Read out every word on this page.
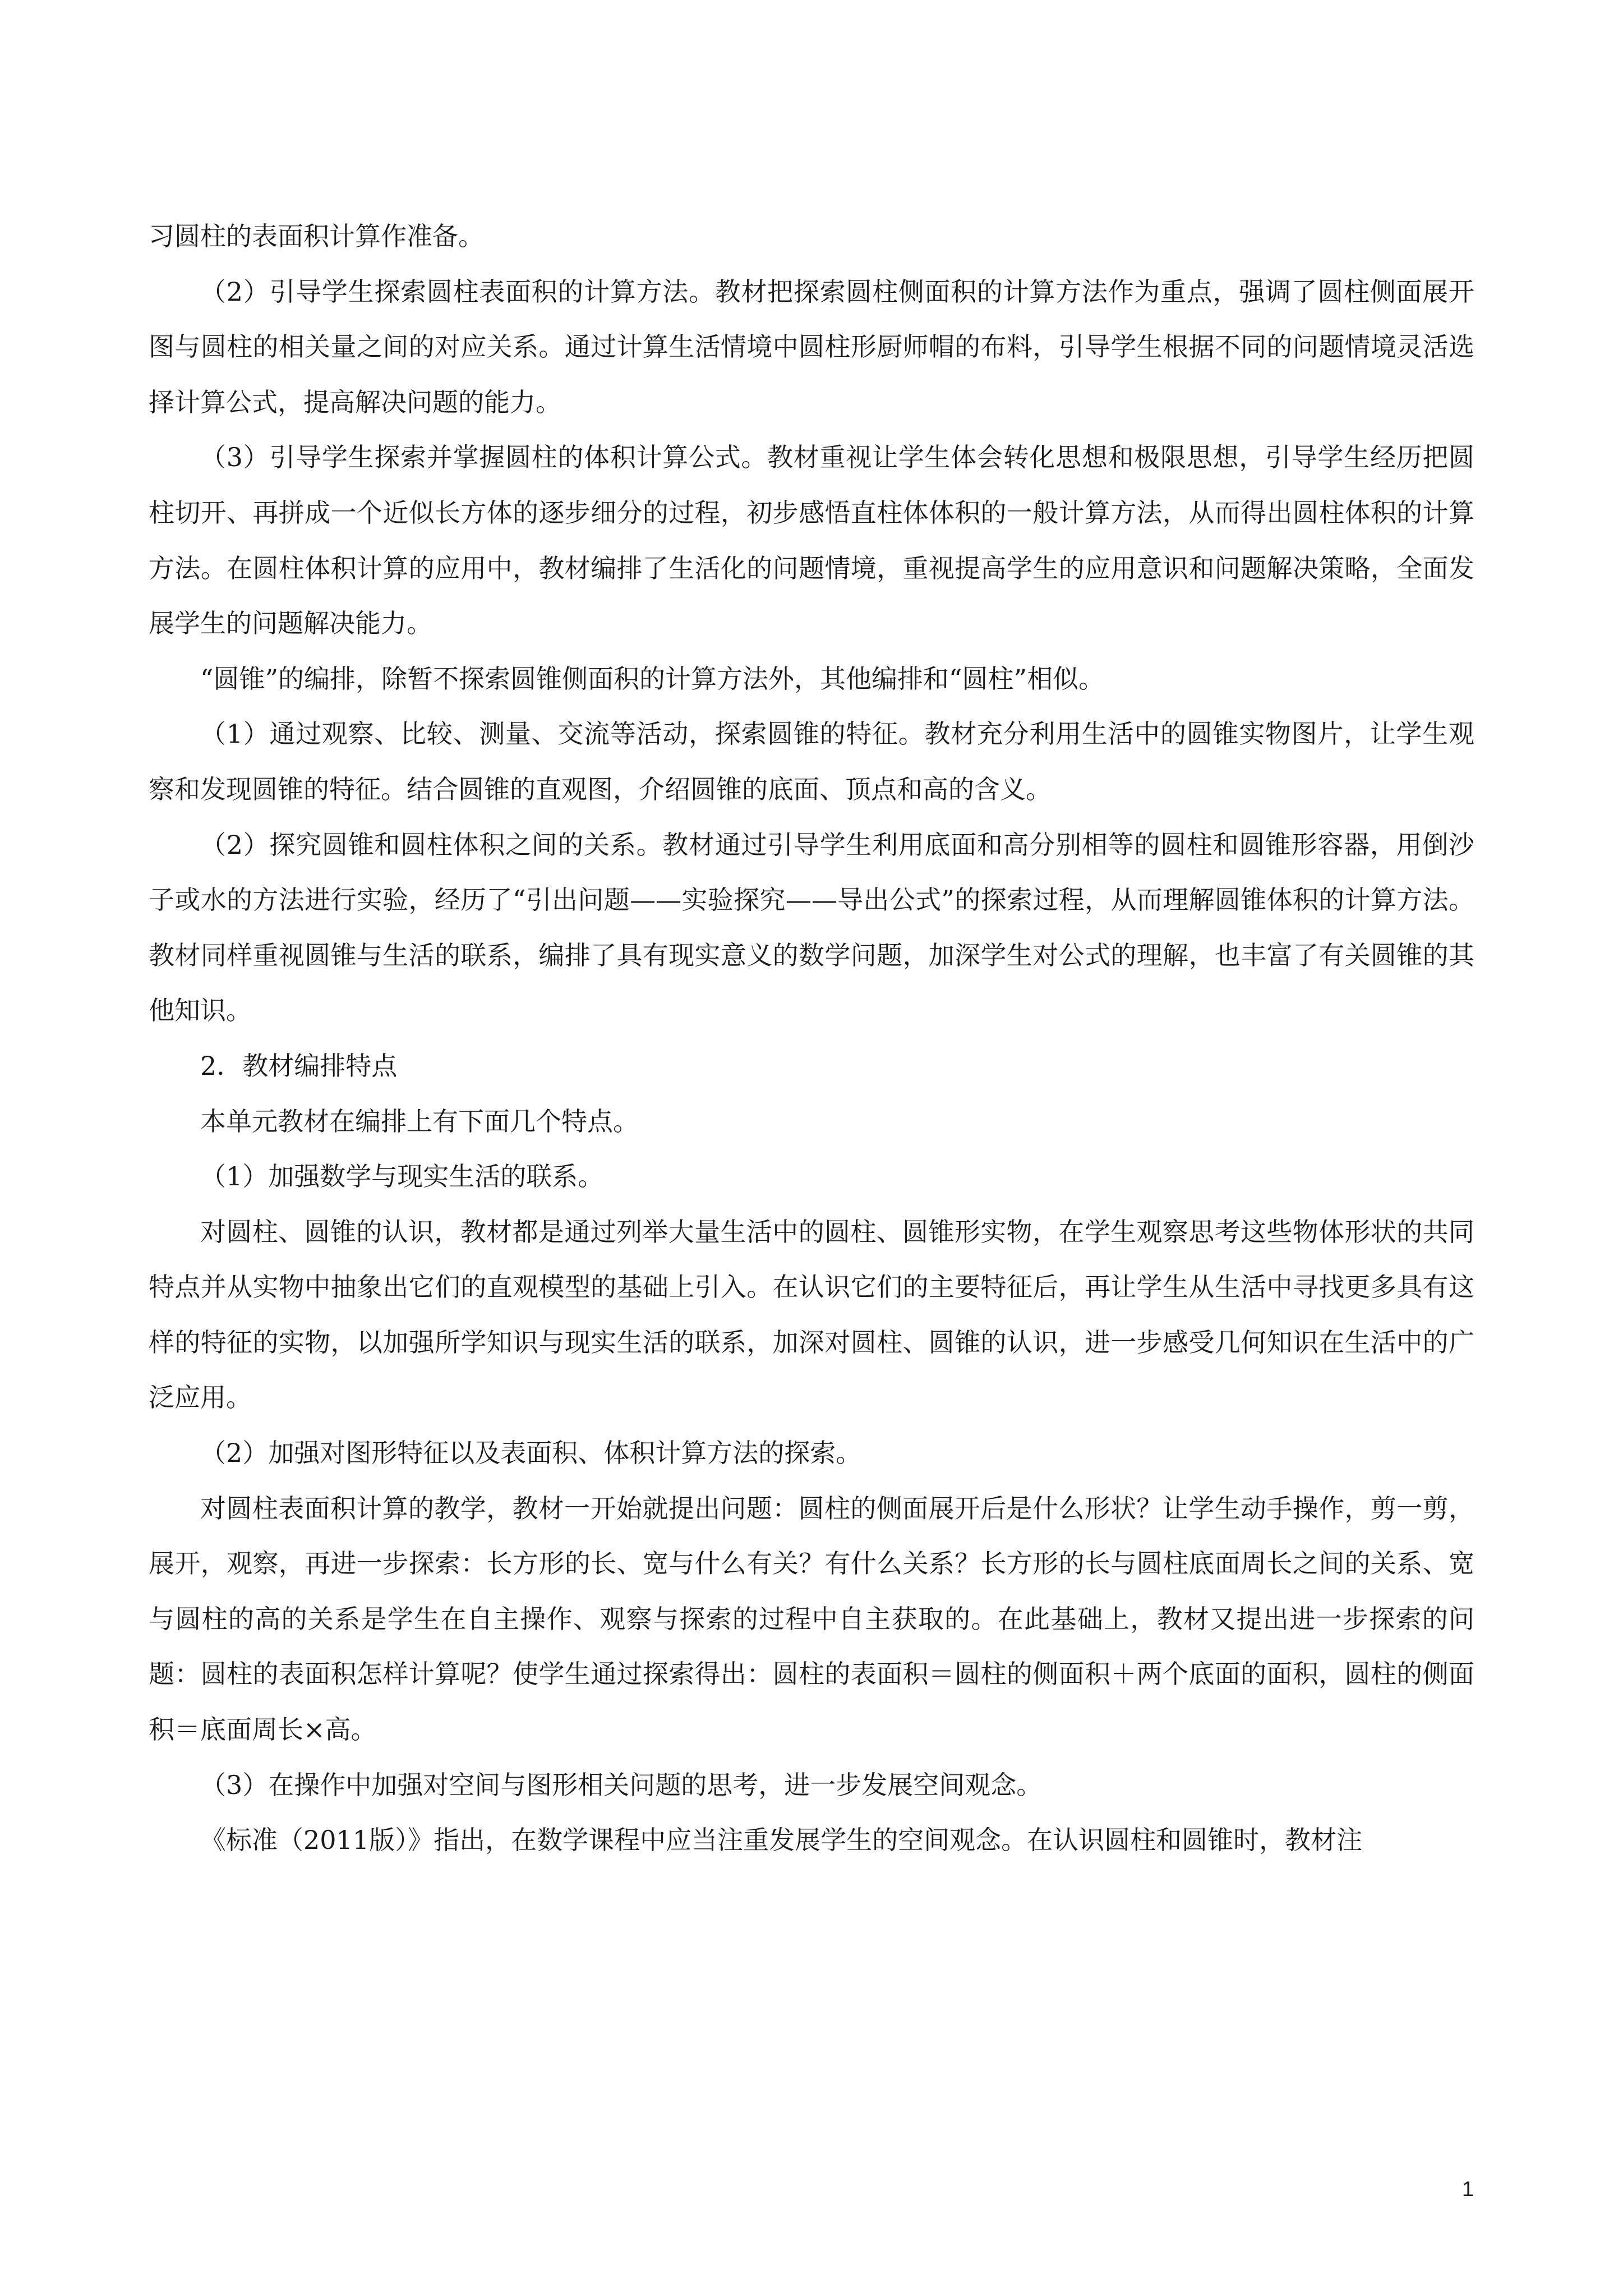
习圆柱的表面积计算作准备。

（2）引导学生探索圆柱表面积的计算方法。教材把探索圆柱侧面积的计算方法作为重点，强调了圆柱侧面展开图与圆柱的相关量之间的对应关系。通过计算生活情境中圆柱形厨师帽的布料，引导学生根据不同的问题情境灵活选择计算公式，提高解决问题的能力。

（3）引导学生探索并掌握圆柱的体积计算公式。教材重视让学生体会转化思想和极限思想，引导学生经历把圆柱切开、再拼成一个近似长方体的逐步细分的过程，初步感悟直柱体体积的一般计算方法，从而得出圆柱体积的计算方法。在圆柱体积计算的应用中，教材编排了生活化的问题情境，重视提高学生的应用意识和问题解决策略，全面发展学生的问题解决能力。

“圆锥”的编排，除暂不探索圆锥侧面积的计算方法外，其他编排和“圆柱”相似。

（1）通过观察、比较、测量、交流等活动，探索圆锥的特征。教材充分利用生活中的圆锥实物图片，让学生观察和发现圆锥的特征。结合圆锥的直观图，介绍圆锥的底面、顶点和高的含义。

（2）探究圆锥和圆柱体积之间的关系。教材通过引导学生利用底面和高分别相等的圆柱和圆锥形容器，用倒沙子或水的方法进行实验，经历了“引出问题——实验探究——导出公式”的探索过程，从而理解圆锥体积的计算方法。教材同样重视圆锥与生活的联系，编排了具有现实意义的数学问题，加深学生对公式的理解，也丰富了有关圆锥的其他知识。

2．教材编排特点

本单元教材在编排上有下面几个特点。

（1）加强数学与现实生活的联系。

对圆柱、圆锥的认识，教材都是通过列举大量生活中的圆柱、圆锥形实物，在学生观察思考这些物体形状的共同特点并从实物中抽象出它们的直观模型的基础上引入。在认识它们的主要特征后，再让学生从生活中寻找更多具有这样的特征的实物，以加强所学知识与现实生活的联系，加深对圆柱、圆锥的认识，进一步感受几何知识在生活中的广泛应用。

（2）加强对图形特征以及表面积、体积计算方法的探索。

对圆柱表面积计算的教学，教材一开始就提出问题：圆柱的侧面展开后是什么形状？让学生动手操作，剪一剪，展开，观察，再进一步探索：长方形的长、宽与什么有关？有什么关系？长方形的长与圆柱底面周长之间的关系、宽与圆柱的高的关系是学生在自主操作、观察与探索的过程中自主获取的。在此基础上，教材又提出进一步探索的问题：圆柱的表面积怎样计算呢？使学生通过探索得出：圆柱的表面积＝圆柱的侧面积＋两个底面的面积，圆柱的侧面积＝底面周长×高。

（3）在操作中加强对空间与图形相关问题的思考，进一步发展空间观念。

《标准（2011版）》指出，在数学课程中应当注重发展学生的空间观念。在认识圆柱和圆锥时，教材注

1
